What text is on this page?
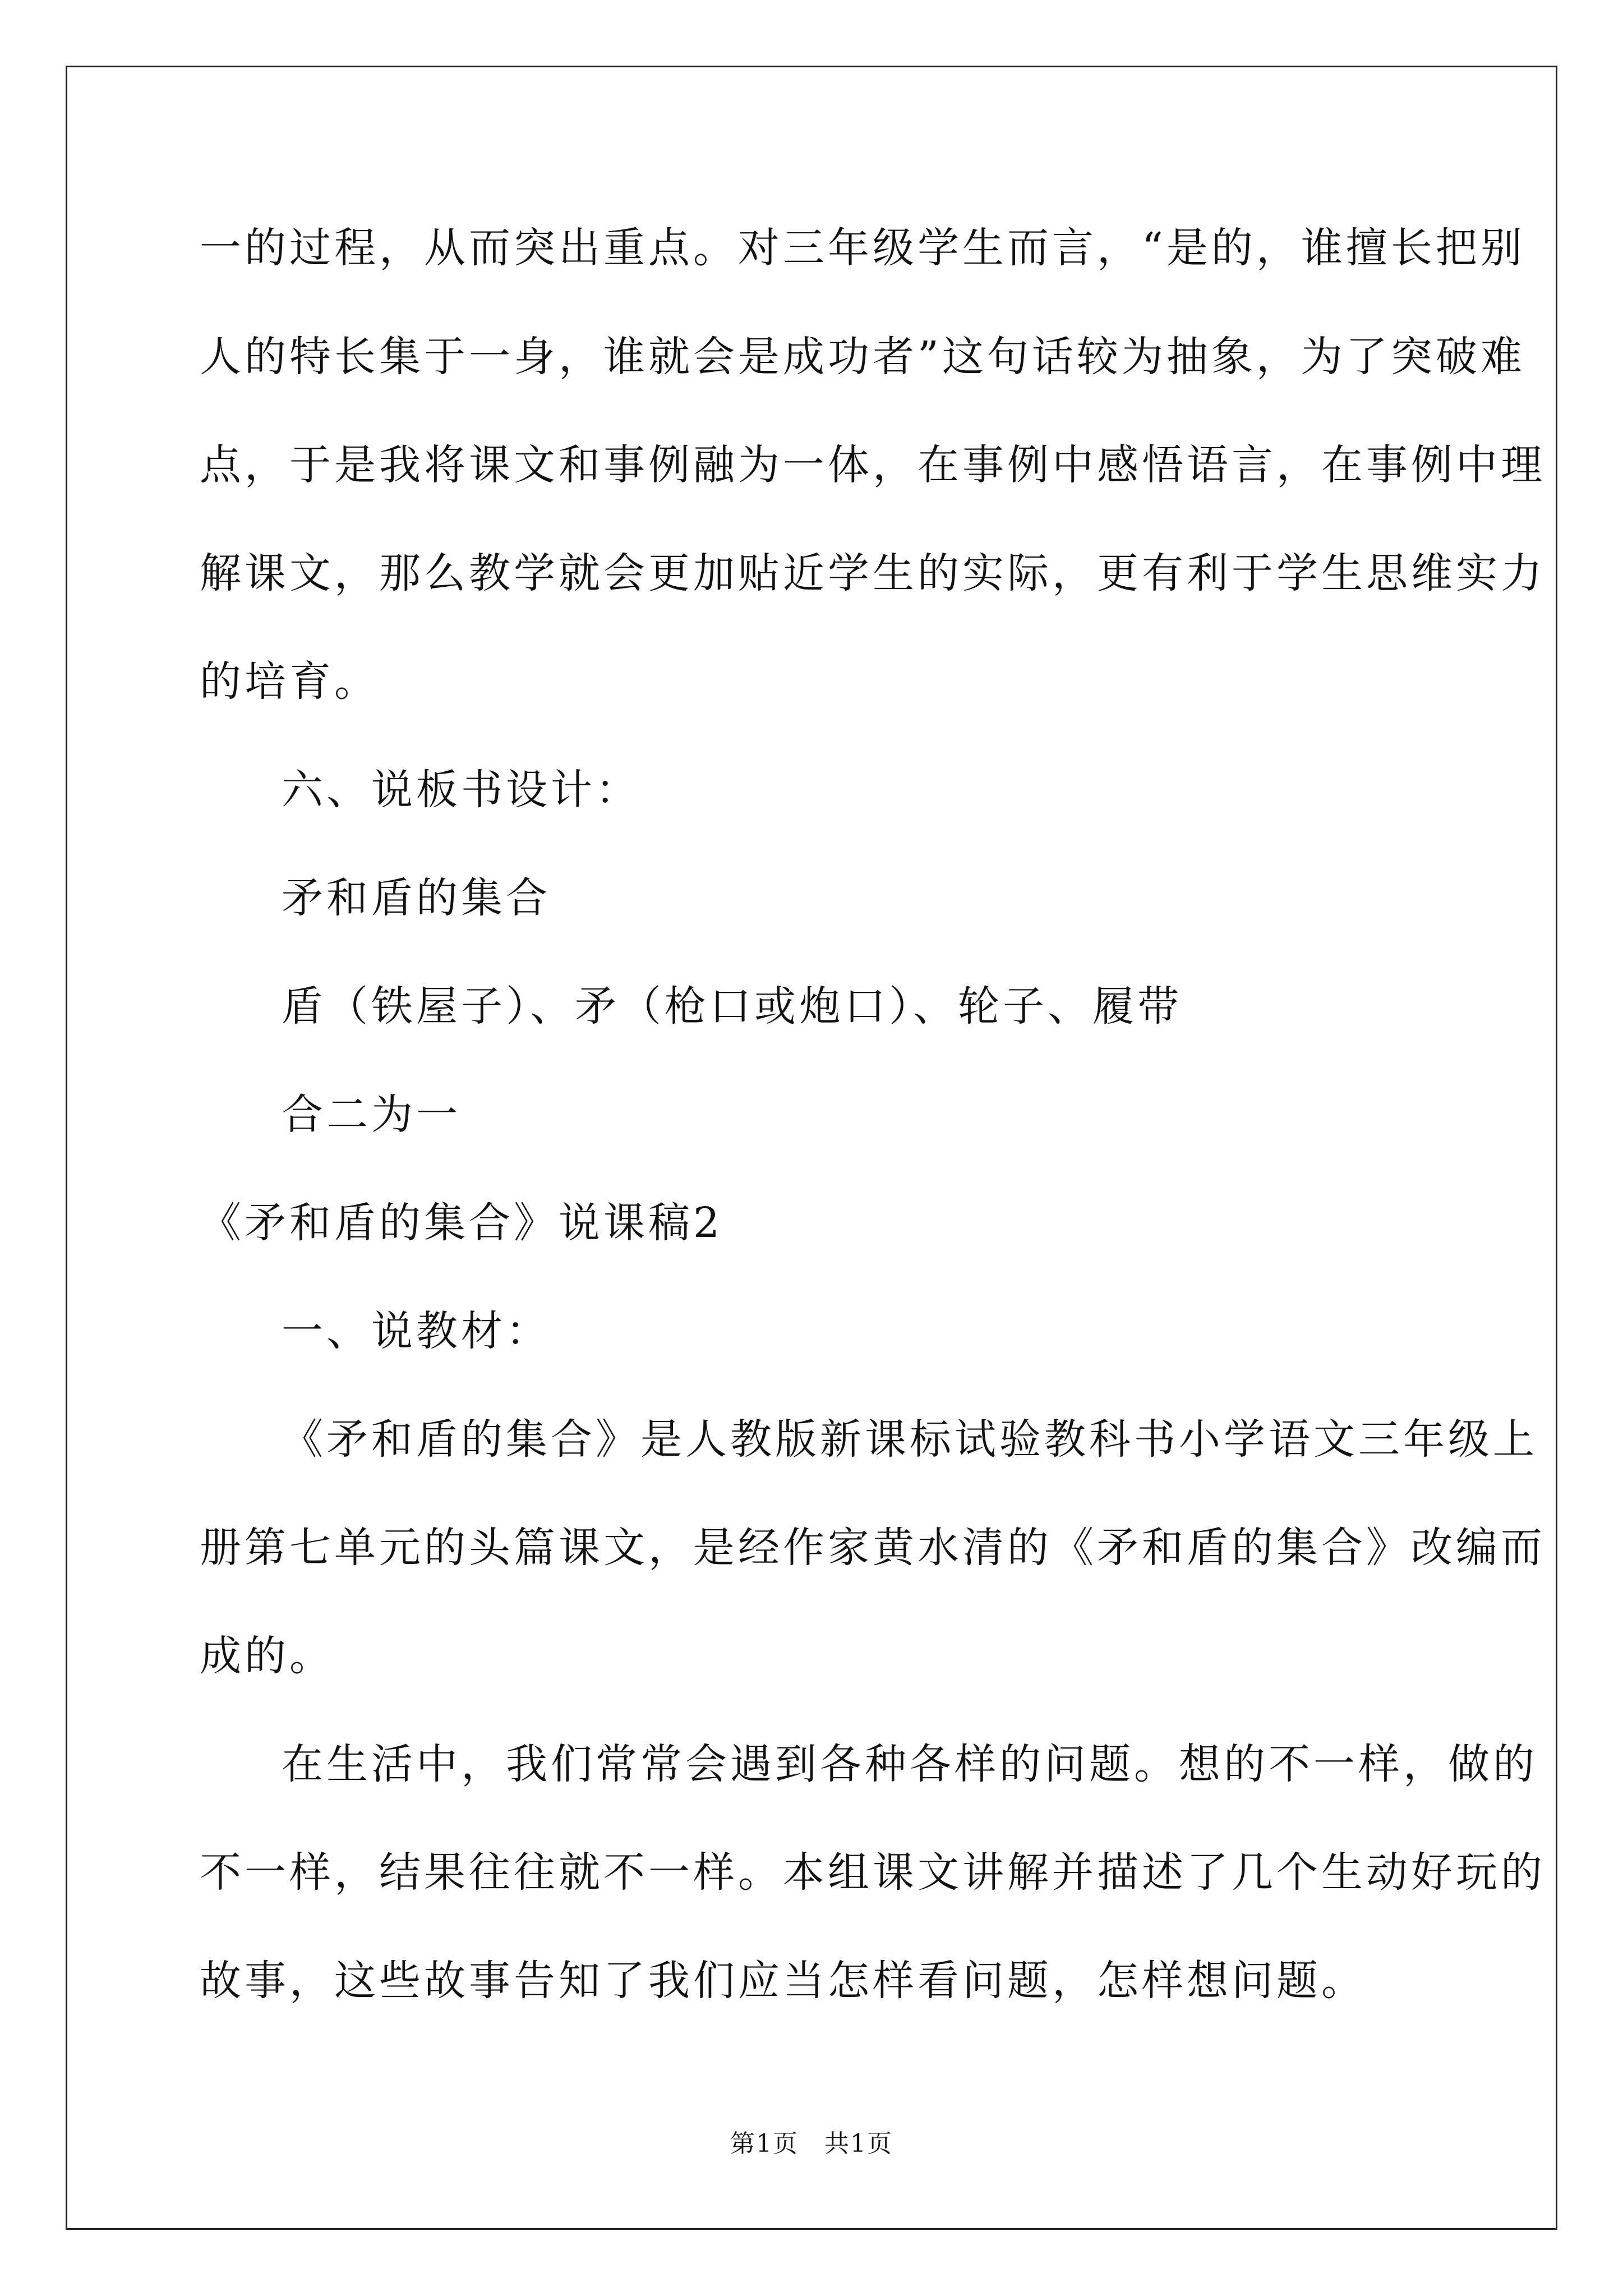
一的过程，从而突出重点。对三年级学生而言，“是的，谁擅长把别
人的特长集于一身，谁就会是成功者”这句话较为抽象，为了突破难
点，于是我将课文和事例融为一体，在事例中感悟语言，在事例中理
解课文，那么教学就会更加贴近学生的实际，更有利于学生思维实力
的培育。
六、说板书设计：
矛和盾的集合
盾（铁屋子）、矛（枪口或炮口）、轮子、履带
合二为一
《矛和盾的集合》说课稿2
一、说教材：
《矛和盾的集合》是人教版新课标试验教科书小学语文三年级上
册第七单元的头篇课文，是经作家黄水清的《矛和盾的集合》改编而
成的。
在生活中，我们常常会遇到各种各样的问题。想的不一样，做的
不一样，结果往往就不一样。本组课文讲解并描述了几个生动好玩的
故事，这些故事告知了我们应当怎样看问题，怎样想问题。
第1页　共1页
